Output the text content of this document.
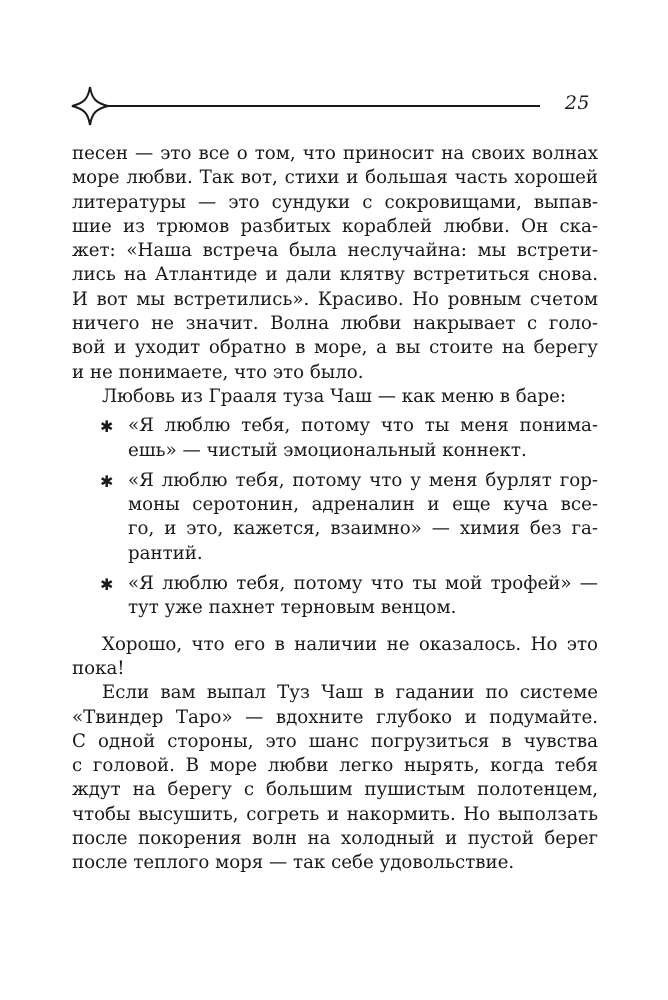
25

песен — это все о том, что приносит на своих волнах
море любви. Так вот, стихи и большая часть хорошей
литературы — это сундуки с сокровищами, выпав-
шие из трюмов разбитых кораблей любви. Он ска-
жет: «Наша встреча была неслучайна: мы встрети-
лись на Атлантиде и дали клятву встретиться снова.
И вот мы встретились». Красиво. Но ровным счетом
ничего не значит. Волна любви накрывает с голо-
вой и уходит обратно в море, а вы стоите на берегу
и не понимаете, что это было.

Любовь из Грааля туза Чаш — как меню в баре:

✱ «Я люблю тебя, потому что ты меня понима-
ешь» — чистый эмоциональный коннект.
✱ «Я люблю тебя, потому что у меня бурлят гор-
моны серотонин, адреналин и еще куча все-
го, и это, кажется, взаимно» — химия без га-
рантий.
✱ «Я люблю тебя, потому что ты мой трофей» —
тут уже пахнет терновым венцом.

Хорошо, что его в наличии не оказалось. Но это
пока!

Если вам выпал Туз Чаш в гадании по системе
«Твиндер Таро» — вдохните глубоко и подумайте.
С одной стороны, это шанс погрузиться в чувства
с головой. В море любви легко нырять, когда тебя
ждут на берегу с большим пушистым полотенцем,
чтобы высушить, согреть и накормить. Но выползать
после покорения волн на холодный и пустой берег
после теплого моря — так себе удовольствие.
